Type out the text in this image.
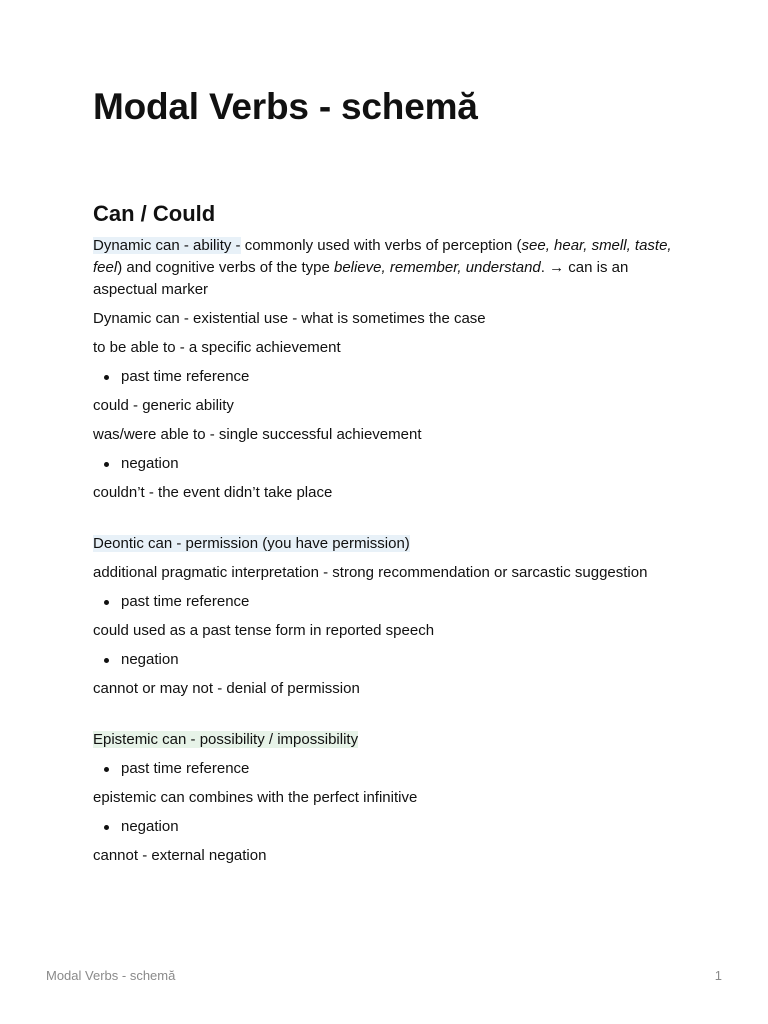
Modal Verbs - schemă
Can / Could

Dynamic can - ability - commonly used with verbs of perception (see, hear, smell, taste, feel) and cognitive verbs of the type believe, remember, understand. → can is an aspectual marker

Dynamic can - existential use - what is sometimes the case

to be able to - a specific achievement

past time reference

could - generic ability

was/were able to - single successful achievement

negation

couldn’t - the event didn’t take place

Deontic can - permission (you have permission)

additional pragmatic interpretation - strong recommendation or sarcastic suggestion

past time reference

could used as a past tense form in reported speech

negation

cannot or may not - denial of permission

Epistemic can - possibility / impossibility

past time reference

epistemic can combines with the perfect infinitive

negation

cannot - external negation

Modal Verbs - schemă	1
